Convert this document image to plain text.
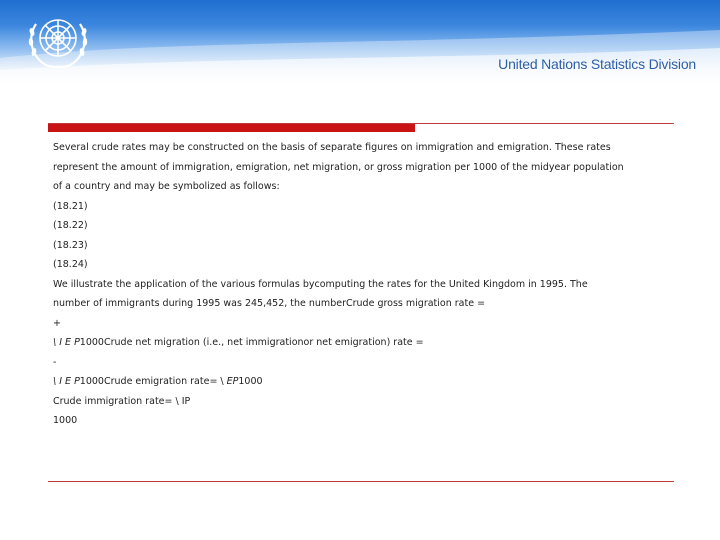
United Nations Statistics Division
Several crude rates may be constructed on the basis of separate figures on immigration and emigration. These rates
represent the amount of immigration, emigration, net migration, or gross migration per 1000 of the midyear population
of a country and may be symbolized as follows:
(18.21)
(18.22)
(18.23)
(18.24)
We illustrate the application of the various formulas bycomputing the rates for the United Kingdom in 1995. The
number of immigrants during 1995 was 245,452, the numberCrude gross migration rate =
+
\ I E P1000Crude net migration (i.e., net immigrationor net emigration) rate =
-
\ I E P1000Crude emigration rate= \ EP1000
Crude immigration rate= \ IP
1000
